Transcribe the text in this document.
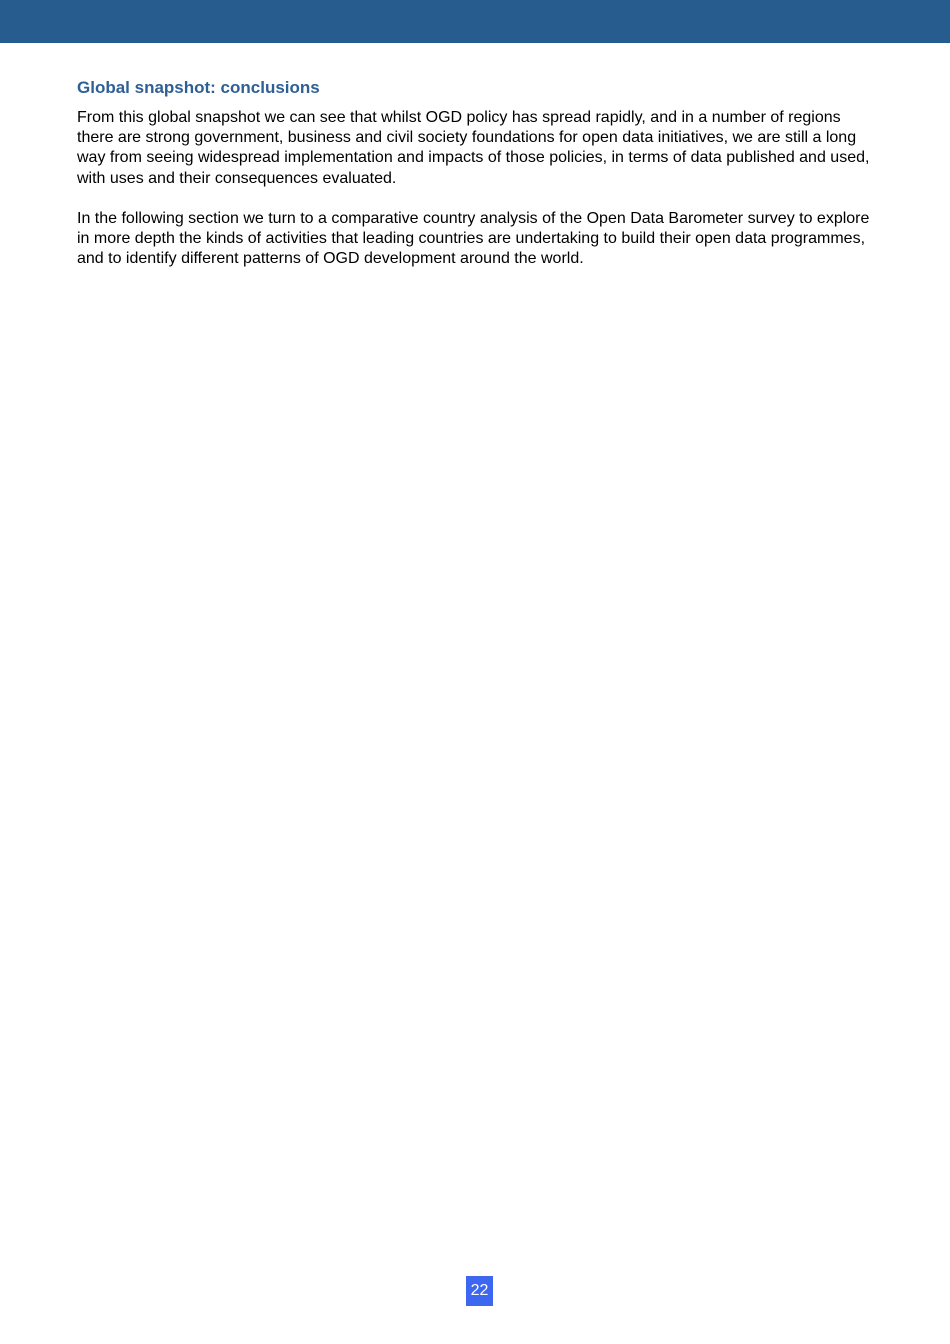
Global snapshot: conclusions

From this global snapshot we can see that whilst OGD policy has spread rapidly, and in a number of regions there are strong government, business and civil society foundations for open data initiatives, we are still a long way from seeing widespread implementation and impacts of those policies, in terms of data published and used, with uses and their consequences evaluated.

In the following section we turn to a comparative country analysis of the Open Data Barometer survey to explore in more depth the kinds of activities that leading countries are undertaking to build their open data programmes, and to identify different patterns of OGD development around the world.

22
